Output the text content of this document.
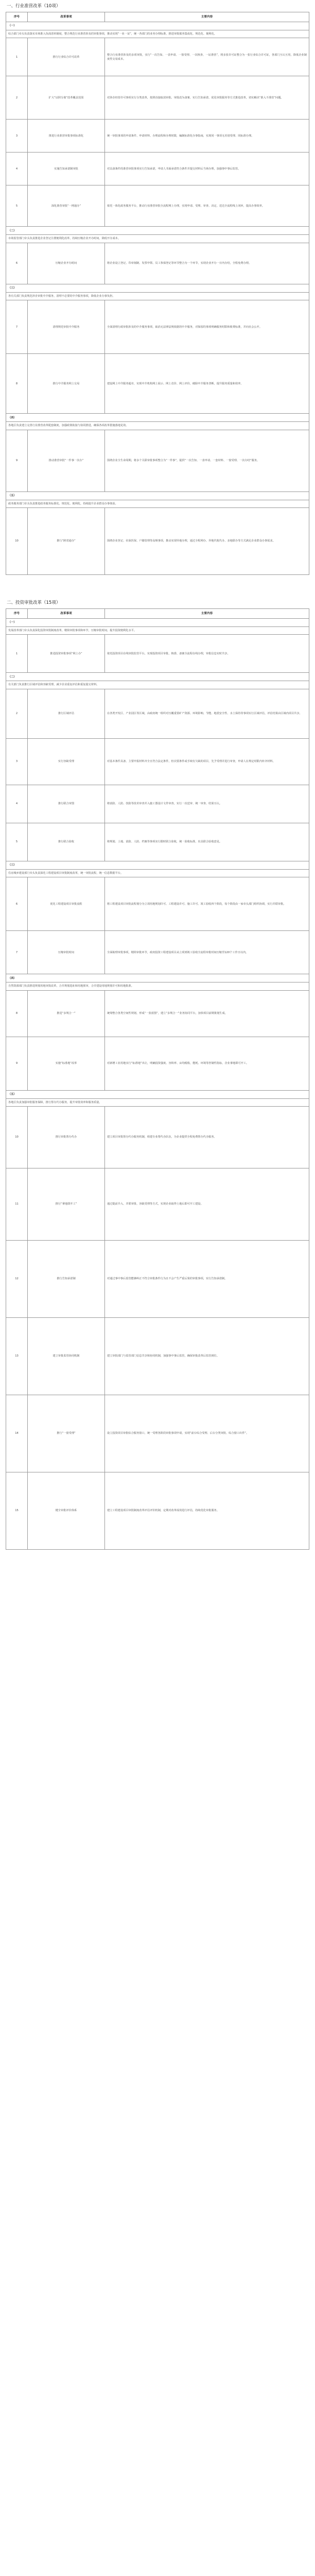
一、行业准营改革（10项）
序号	改革事项	主要内容
（一）		
综合部门牵头负责落实市场准入负面清单制度，整合规范行业准营涉及的审批事项，推动实现“一业一证”，统一各部门的业务办理标准，推进审批服务集成化、规范化、便利化。		
1	推行行业综合许可改革	整合行业准营涉及的多项审批，实行“一次告知、一表申请、一窗受理、一次核查、一证准营”，将多张许可证整合为一张行业综合许可证，各部门互认互用，降低企业制度性交易成本。
2	扩大“证照分离”改革覆盖范围	对涉企经营许可事项实行分类改革，按照直接取消审批、审批改为备案、实行告知承诺、优化审批服务等方式推进改革，切实解决“准入不准营”问题。
3	推进行业准营审批事项标准化	统一审批事项的申请条件、申请材料、办理流程和办理时限，编制标准化办事指南，实现同一事项无差别受理、同标准办理。
4	实施告知承诺制审批	对具备条件的准营审批事项实行告知承诺，申请人书面承诺符合条件并提交材料后当场办理，加强事中事后监管。
5	深化准营审批“一网通办”	依托一体化政务服务平台，推动行业准营审批全流程网上办理，实现申请、受理、审查、决定、送达全流程线上闭环，提高办事效率。
（二）		
市场监管部门牵头负责推进企业登记注册便利化改革，持续压缩企业开办时间，降低开办成本。		
6	压缩企业开办时间	将企业设立登记、印章刻制、发票申领、员工参保登记等环节整合为一个环节，实现企业开办一日内办结，全程免费办理。
（三）		
各有关部门负责规范涉企审批中介服务，清理不必要的中介服务事项，降低企业办事负担。		
7	清理规范审批中介服务	全面清理行政审批涉及的中介服务事项，取消无法律法规依据的中介服务，对保留的事项明确服务时限和收费标准，并向社会公开。
8	推行中介服务网上交易	建设网上中介服务超市，实现中介机构网上展示、网上竞价、网上评价，破除中介服务垄断，提升服务质量和效率。
（四）		
各地区负责建立完善行业准营改革配套制度，加强政策衔接与协同推进，确保各项改革措施落地见效。		
9	推动准营审批“一件事一次办”	围绕企业全生命周期，将多个关联审批事项整合为“一件事”，提供“一次告知、一表申请、一套材料、一窗受理、一次办结”服务。
（五）		
政务服务部门牵头负责推进政务服务标准化、规范化、便利化，持续提升企业群众办事体验。		
10	推行“跨省通办”	围绕企业登记、社保医保、户籍管理等高频事项，推动实现异地办理，通过全程网办、异地代收代办、多地联办等方式满足企业群众办事需求。
二、投资审批改革（15项）
序号	改革事项	主要内容
（一）		
发展改革部门牵头负责深化投资审批制度改革，精简审批事项和环节，压缩审批时间，提升投资便利化水平。		
1	推进投资审批事项“网上办”	依托投资项目在线审批监管平台，实现投资项目审批、核准、备案全流程在线办理，审批信息实时共享。
（二）		
有关部门负责推行区域评估和容缺受理，减少企业重复评估和重复提交材料。		
2	推行区域评估	在各类开发区、产业园区等区域，由政府统一组织对压覆重要矿产资源、环境影响、节能、地震安全性、水土保持等事项实行区域评估，评估结果由区域内项目共享。
3	实行容缺受理	对基本条件具备、主要申报材料齐全且符合法定条件，但次要条件或手续有欠缺的项目，先予受理并进行审查，申请人在规定时限内补齐材料。
4	推行联合审图	将消防、人防、技防等技术审查并入施工图设计文件审查，实行一次送审、统一审查、结果互认。
5	推行联合验收	将规划、土地、消防、人防、档案等事项实行限时联合验收，统一验收标准，出具联合验收意见。
（三）		
住房城乡建设部门牵头负责深化工程建设项目审批制度改革，统一审批流程，统一信息数据平台。		
6	优化工程建设项目审批流程	将工程建设项目审批流程划分为立项用地规划许可、工程建设许可、施工许可、竣工验收四个阶段，每个阶段由一家牵头部门组织协调，实行并联审批。
7	压缩审批时间	全面梳理审批事项，精简审批环节，政府投资工程建设项目从立项到竣工验收全流程审批时间压缩至120个工作日以内。
（四）		
自然资源部门负责推进规划用地审批改革，合并规划选址和用地预审，合并建设用地规划许可和用地批准。		
8	推进“多规合一”	统筹整合各类空间性规划，形成“一张蓝图”，建立“多规合一”业务协同平台，加快项目前期策划生成。
9	实施“标准地”改革	对新增工业用地实行“标准地”出让，明确投资强度、容积率、亩均税收、能耗、环境等控制性指标，企业拿地即可开工。
（五）		
各地区负责加强审批服务保障，推行帮办代办服务，提升审批效率和服务质量。		
10	推行审批帮办代办	建立项目审批帮办代办服务机制，组建专业帮代办队伍，为企业提供全程免费帮办代办服务。
11	推行“拿地即开工”	通过提前介入、并联审批、容缺受理等方式，实现企业取得土地后即可开工建设。
12	推行告知承诺制	对通过事中事后监管能够纠正不符合审批条件行为且不会产生严重后果的审批事项，实行告知承诺制。
13	建立审批监管协同机制	建立审批部门与监管部门信息共享和协同机制，加强事中事后监管，确保审批改革后监管到位。
14	推行“一窗受理”	设立投资项目审批综合服务窗口，统一受理各阶段审批事项申请，实现“前台综合受理、后台分类审批、综合窗口出件”。
15	健全审批评价体系	建立工程建设项目审批制度改革评估评价机制，定期对改革成效进行评估，持续优化审批服务。
